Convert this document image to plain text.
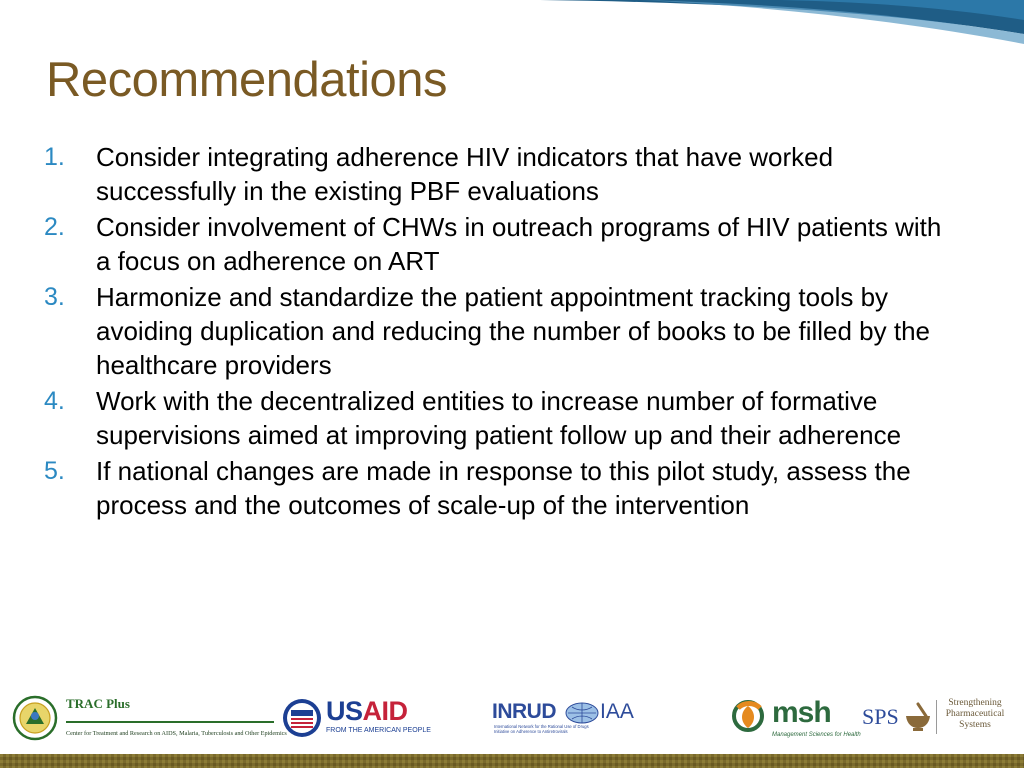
Recommendations
1.	Consider integrating adherence HIV indicators that have worked successfully in the existing PBF evaluations
2.	Consider involvement of CHWs in outreach programs of HIV patients with a focus on adherence on ART
3.	Harmonize and standardize the patient appointment tracking tools by avoiding duplication and reducing the number of books to be filled by the healthcare providers
4.	Work with the decentralized entities to increase number of formative supervisions aimed at improving patient follow up and their adherence
5.	If national changes are made in response to this pilot study, assess the process and the outcomes of scale-up of the intervention
TRAC Plus
Center for Treatment and Research on AIDS, Malaria, Tuberculosis and Other Epidemics
USAID
FROM THE AMERICAN PEOPLE
INRUD IAA
International Network for the Rational Use of Drugs
Initiative on Adherence to Antiretrovirals
msh
Management Sciences for Health
SPS
Strengthening
Pharmaceutical
Systems
